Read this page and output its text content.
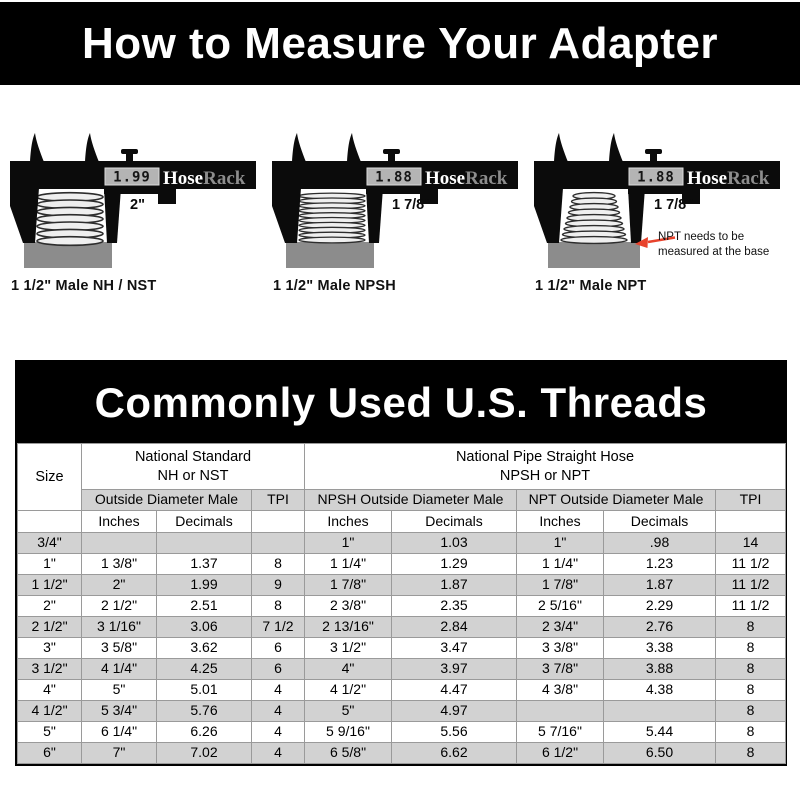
How to Measure Your Adapter
1.99 HoseRack
2"
1 1/2" Male NH / NST
1.88 HoseRack
1 7/8"
1 1/2" Male NPSH
1.88 HoseRack
1 7/8"
NPT needs to be
measured at the base
1 1/2" Male NPT
Commonly Used U.S. Threads
Size	
National Standard
NH or NST

National Pipe Straight Hose
NPSH or NPT

	Outside Diameter Male		TPI	NPSH Outside Diameter Male		NPT Outside Diameter Male		TPI
	Inches	Decimals		Inches	Decimals	Inches	Decimals	
3/4"				1"	1.03	1"	.98	14
1"	1 3/8"	1.37	8	1 1/4"	1.29	1 1/4"	1.23	11 1/2
1 1/2"	2"	1.99	9	1 7/8"	1.87	1 7/8"	1.87	11 1/2
2"	2 1/2"	2.51	8	2 3/8"	2.35	2 5/16"	2.29	11 1/2
2 1/2"	3 1/16"	3.06	7 1/2	2 13/16"	2.84	2 3/4"	2.76	8
3"	3 5/8"	3.62	6	3 1/2"	3.47	3 3/8"	3.38	8
3 1/2"	4 1/4"	4.25	6	4"	3.97	3 7/8"	3.88	8
4"	5"	5.01	4	4 1/2"	4.47	4 3/8"	4.38	8
4 1/2"	5 3/4"	5.76	4	5"	4.97			8
5"	6 1/4"	6.26	4	5 9/16"	5.56	5 7/16"	5.44	8
6"	7"	7.02	4	6 5/8"	6.62	6 1/2"	6.50	8
